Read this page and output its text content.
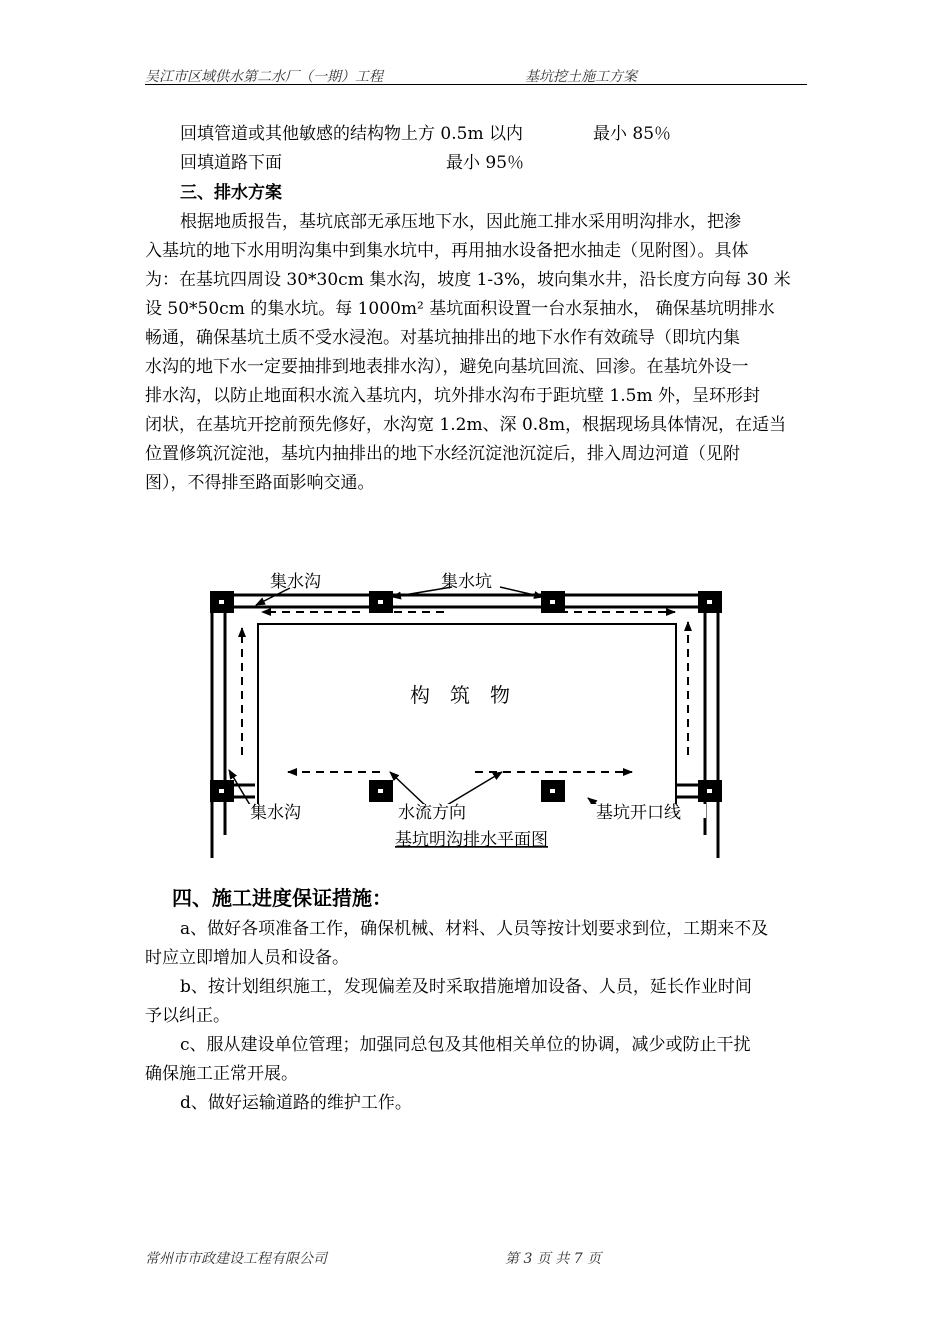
吴江市区域供水第二水厂（一期）工程	基坑挖土施工方案
回填管道或其他敏感的结构物上方 0.5m 以内	最小 85％
回填道路下面	最小 95％
三、排水方案
根据地质报告，基坑底部无承压地下水，因此施工排水采用明沟排水，把渗
入基坑的地下水用明沟集中到集水坑中，再用抽水设备把水抽走（见附图）。具体
为：在基坑四周设 30*30cm 集水沟，坡度 1-3%，坡向集水井，沿长度方向每 30 米
设 50*50cm 的集水坑。每 1000m² 基坑面积设置一台水泵抽水， 确保基坑明排水
畅通，确保基坑土质不受水浸泡。对基坑抽排出的地下水作有效疏导（即坑内集
水沟的地下水一定要抽排到地表排水沟），避免向基坑回流、回渗。在基坑外设一
排水沟，以防止地面积水流入基坑内，坑外排水沟布于距坑壁 1.5m 外，呈环形封
闭状，在基坑开挖前预先修好，水沟宽 1.2m、深 0.8m，根据现场具体情况，在适当
位置修筑沉淀池，基坑内抽排出的地下水经沉淀池沉淀后，排入周边河道（见附
图），不得排至路面影响交通。
集水沟	集水坑
构　筑　物
集水沟	水流方向	基坑开口线
基坑明沟排水平面图
四、施工进度保证措施：
a、做好各项准备工作，确保机械、材料、人员等按计划要求到位，工期来不及
时应立即增加人员和设备。
b、按计划组织施工，发现偏差及时采取措施增加设备、人员，延长作业时间
予以纠正。
c、服从建设单位管理；加强同总包及其他相关单位的协调，减少或防止干扰
确保施工正常开展。
d、做好运输道路的维护工作。
常州市市政建设工程有限公司	第 3 页 共 7 页
